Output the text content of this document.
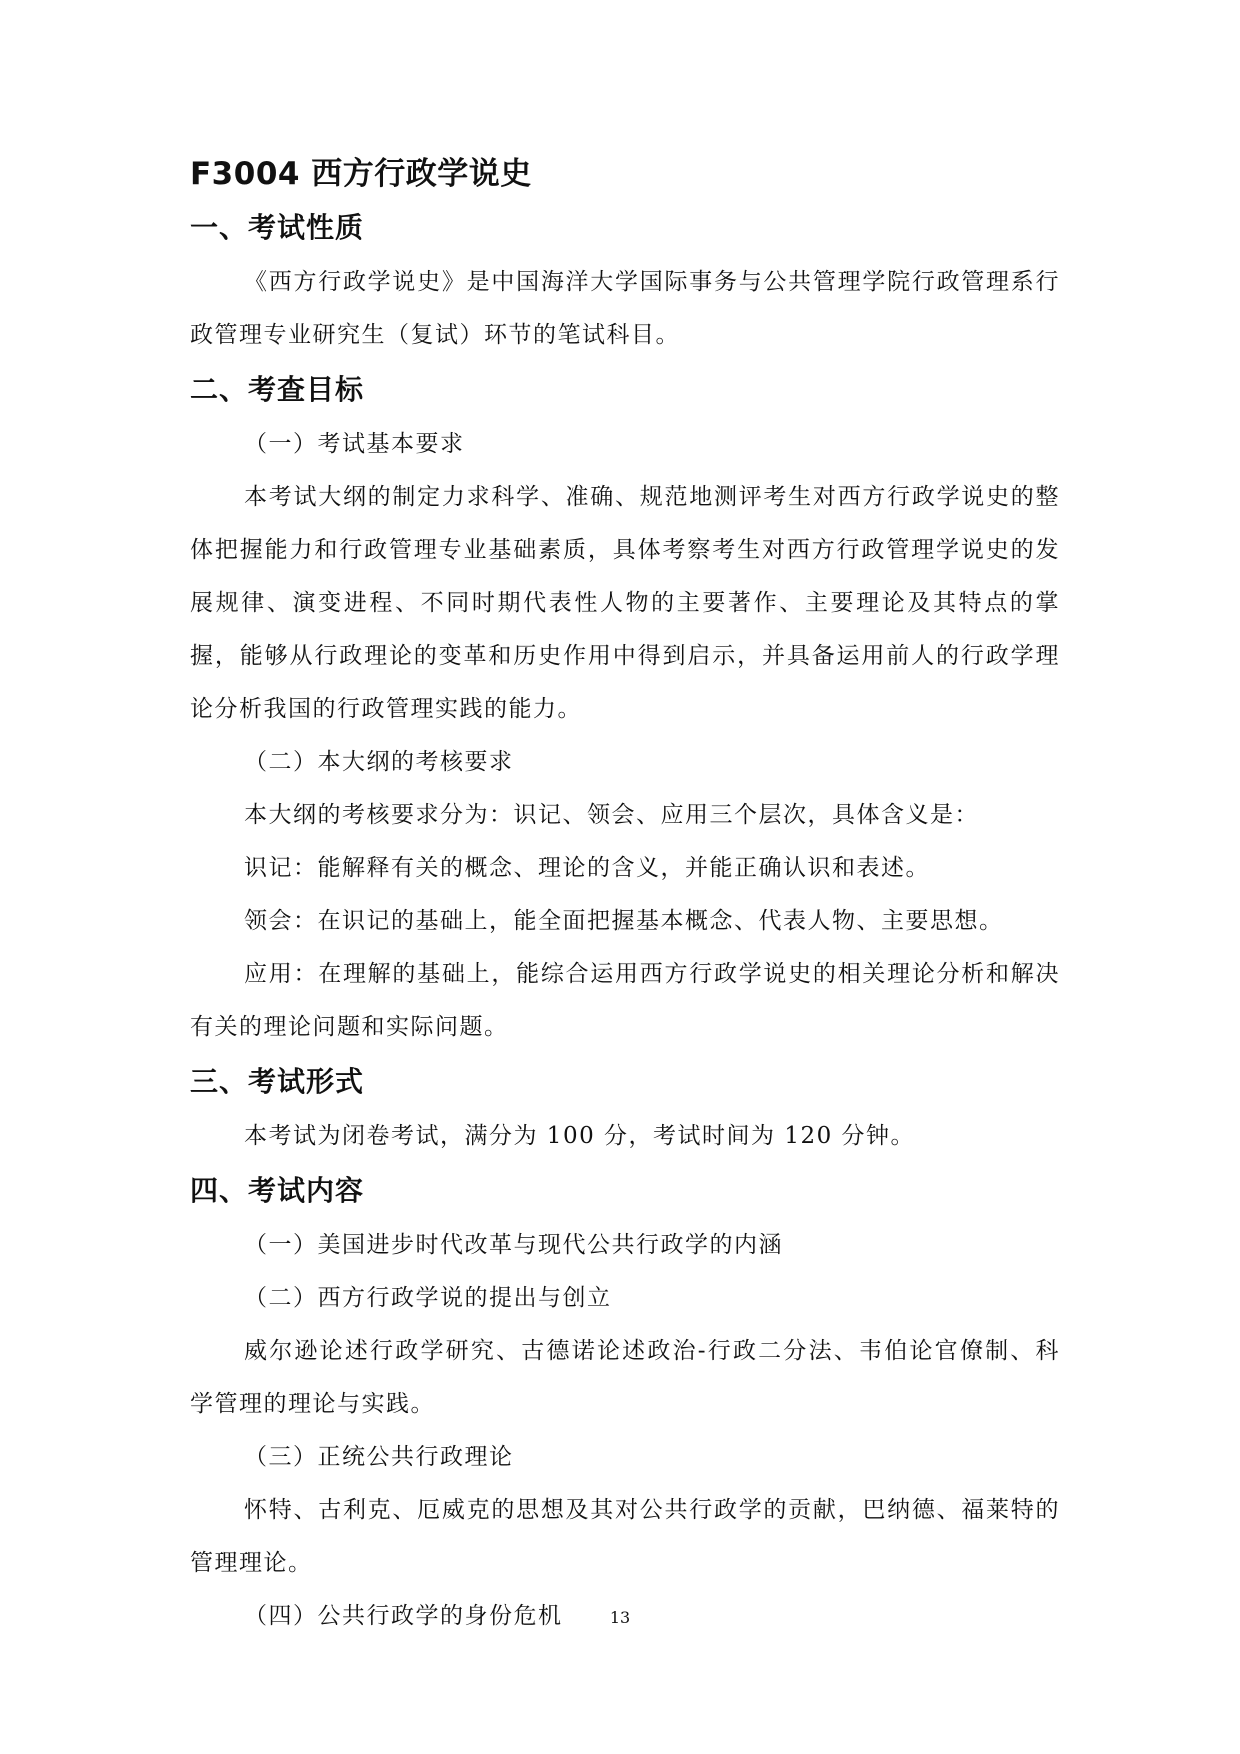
F3004 西方行政学说史
一、考试性质

《西方行政学说史》是中国海洋大学国际事务与公共管理学院行政管理系行政管理专业研究生（复试）环节的笔试科目。

二、考查目标

（一）考试基本要求

本考试大纲的制定力求科学、准确、规范地测评考生对西方行政学说史的整体把握能力和行政管理专业基础素质，具体考察考生对西方行政管理学说史的发展规律、演变进程、不同时期代表性人物的主要著作、主要理论及其特点的掌握，能够从行政理论的变革和历史作用中得到启示，并具备运用前人的行政学理论分析我国的行政管理实践的能力。

（二）本大纲的考核要求

本大纲的考核要求分为：识记、领会、应用三个层次，具体含义是：

识记：能解释有关的概念、理论的含义，并能正确认识和表述。

领会：在识记的基础上，能全面把握基本概念、代表人物、主要思想。

应用：在理解的基础上，能综合运用西方行政学说史的相关理论分析和解决有关的理论问题和实际问题。

三、考试形式

本考试为闭卷考试，满分为 100 分，考试时间为 120 分钟。

四、考试内容

（一）美国进步时代改革与现代公共行政学的内涵

（二）西方行政学说的提出与创立

威尔逊论述行政学研究、古德诺论述政治-行政二分法、韦伯论官僚制、科学管理的理论与实践。

（三）正统公共行政理论

怀特、古利克、厄威克的思想及其对公共行政学的贡献，巴纳德、福莱特的管理理论。

（四）公共行政学的身份危机	13
